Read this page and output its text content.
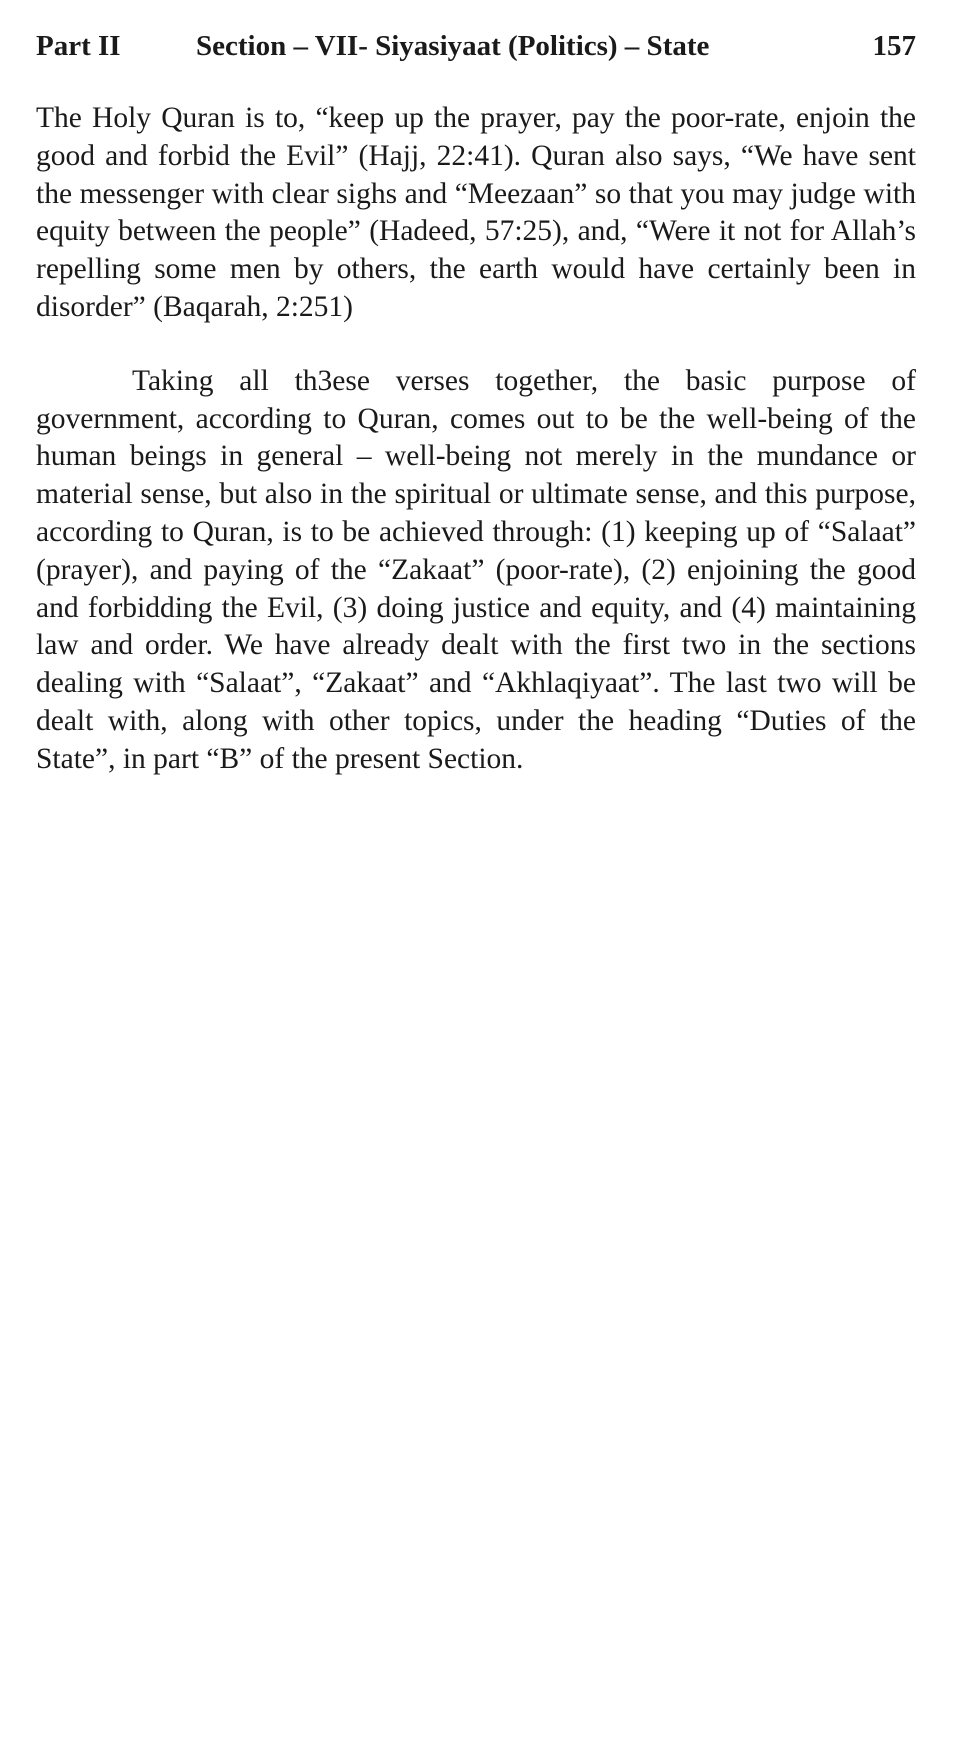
Part II	Section – VII- Siyasiyaat (Politics) – State	157

The Holy Quran is to, “keep up the prayer, pay the poor-rate, enjoin the good and forbid the Evil” (Hajj, 22:41). Quran also says, “We have sent the messenger with clear sighs and “Meezaan” so that you may judge with equity between the people” (Hadeed, 57:25), and, “Were it not for Allah’s repelling some men by others, the earth would have certainly been in disorder” (Baqarah, 2:251)

Taking all th3ese verses together, the basic purpose of government, according to Quran, comes out to be the well-being of the human beings in general – well-being not merely in the mundance or material sense, but also in the spiritual or ultimate sense, and this purpose, according to Quran, is to be achieved through: (1) keeping up of “Salaat” (prayer), and paying of the “Zakaat” (poor-rate), (2) enjoining the good and forbidding the Evil, (3) doing justice and equity, and (4) maintaining law and order. We have already dealt with the first two in the sections dealing with “Salaat”, “Zakaat” and “Akhlaqiyaat”. The last two will be dealt with, along with other topics, under the heading “Duties of the State”, in part “B” of the present Section.
